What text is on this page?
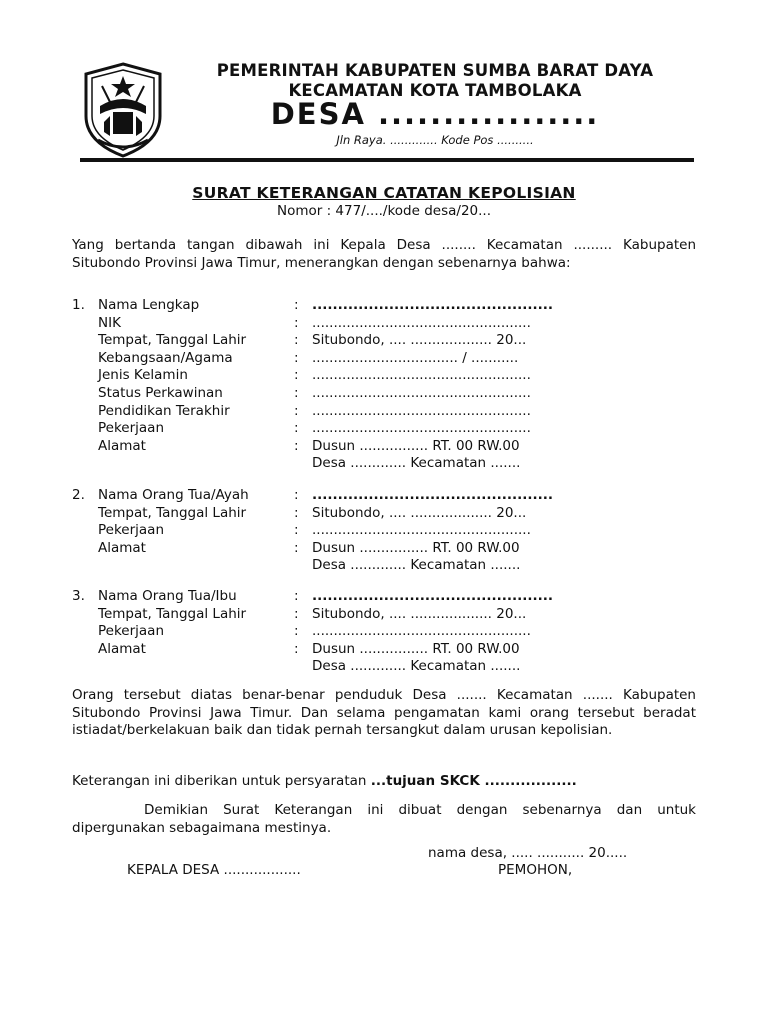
PEMERINTAH KABUPATEN SUMBA BARAT DAYA
KECAMATAN KOTA TAMBOLAKA
DESA .................
Jln Raya. ............. Kode Pos ..........
SURAT KETERANGAN CATATAN KEPOLISIAN
Nomor : 477/..../kode desa/20...
Yang bertanda tangan dibawah ini Kepala Desa ........ Kecamatan ......... Kabupaten Situbondo Provinsi Jawa Timur, menerangkan dengan sebenarnya bahwa:
1. Nama Lengkap	: ...............................................
NIK	: ...................................................
Tempat, Tanggal Lahir	: Situbondo, .... ................... 20...
Kebangsaan/Agama	: .................................. / ...........
Jenis Kelamin	: ...................................................
Status Perkawinan	: ...................................................
Pendidikan Terakhir	: ...................................................
Pekerjaan	: ...................................................
Alamat	: Dusun ................ RT. 00 RW.00
Desa ............. Kecamatan .......
2. Nama Orang Tua/Ayah	: ...............................................
Tempat, Tanggal Lahir	: Situbondo, .... ................... 20...
Pekerjaan	: ...................................................
Alamat	: Dusun ................ RT. 00 RW.00
Desa ............. Kecamatan .......
3. Nama Orang Tua/Ibu	: ...............................................
Tempat, Tanggal Lahir	: Situbondo, .... ................... 20...
Pekerjaan	: ...................................................
Alamat	: Dusun ................ RT. 00 RW.00
Desa ............. Kecamatan .......
Orang tersebut diatas benar-benar penduduk Desa ....... Kecamatan ....... Kabupaten Situbondo Provinsi Jawa Timur. Dan selama pengamatan kami orang tersebut beradat istiadat/berkelakuan baik dan tidak pernah tersangkut dalam urusan kepolisian.
Keterangan ini diberikan untuk persyaratan ...tujuan SKCK ..................
Demikian Surat Keterangan ini dibuat dengan sebenarnya dan untuk dipergunakan sebagaimana mestinya.
nama desa, ..... ........... 20.....
KEPALA DESA ..................	PEMOHON,
